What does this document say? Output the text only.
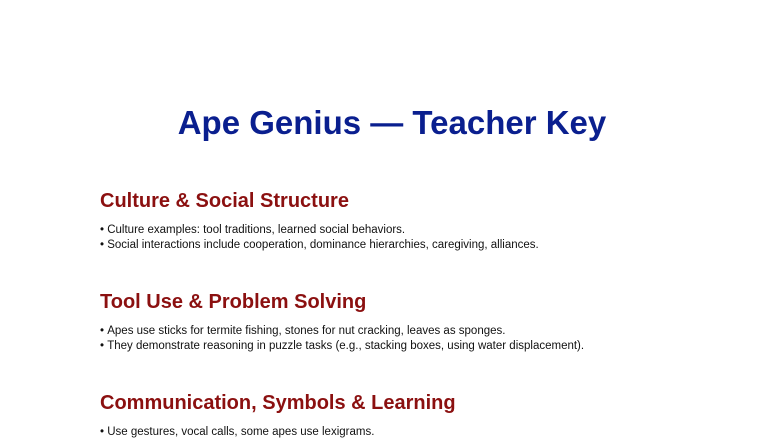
Ape Genius — Teacher Key
Culture & Social Structure
• Culture examples: tool traditions, learned social behaviors.
• Social interactions include cooperation, dominance hierarchies, caregiving, alliances.
Tool Use & Problem Solving
• Apes use sticks for termite fishing, stones for nut cracking, leaves as sponges.
• They demonstrate reasoning in puzzle tasks (e.g., stacking boxes, using water displacement).
Communication, Symbols & Learning
• Use gestures, vocal calls, some apes use lexigrams.
